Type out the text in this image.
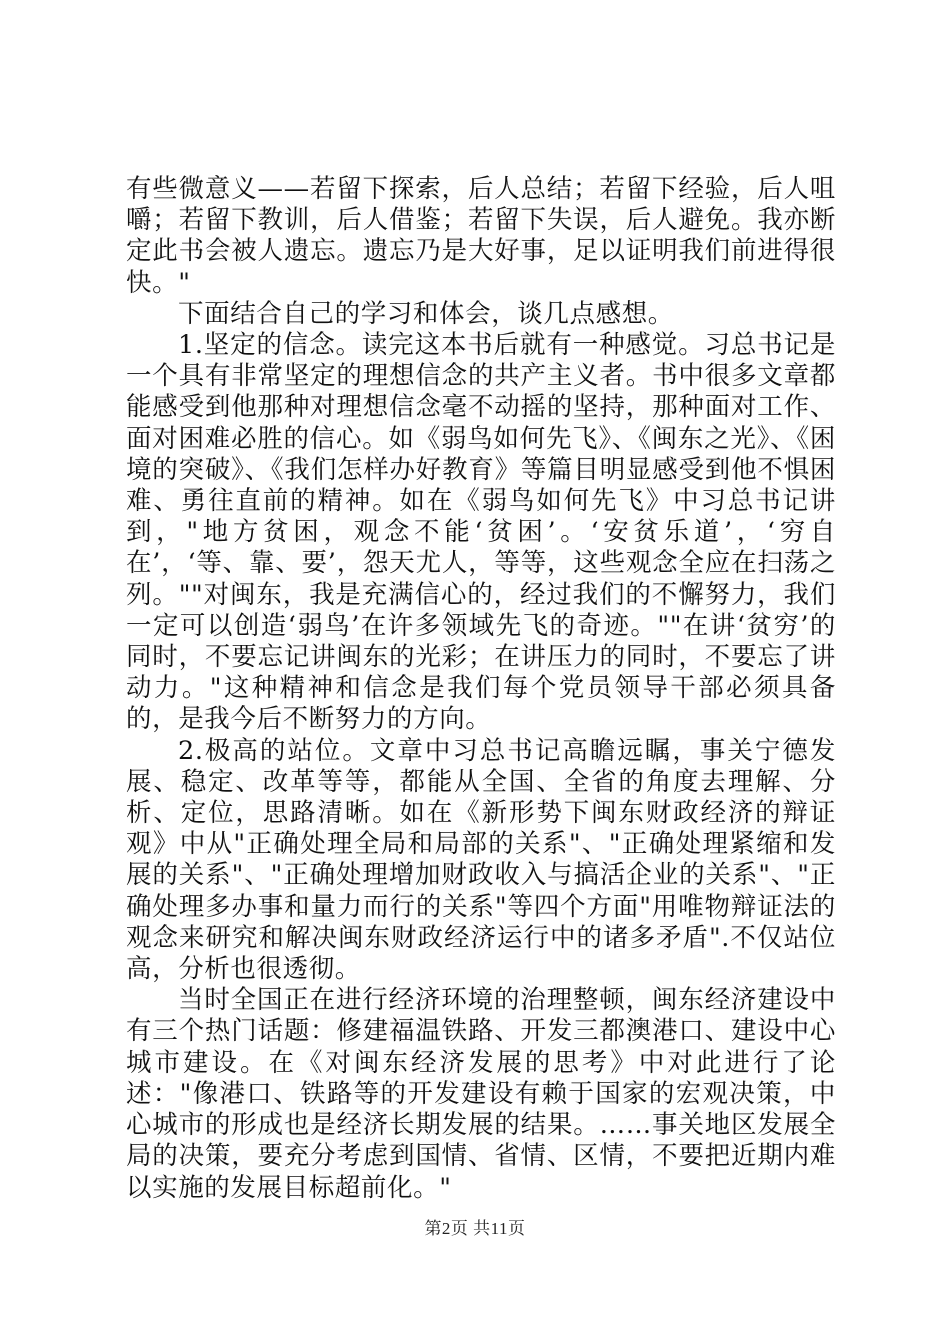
有些微意义——若留下探索，后人总结；若留下经验，后人咀嚼；若留下教训，后人借鉴；若留下失误，后人避免。我亦断定此书会被人遗忘。遗忘乃是大好事，足以证明我们前进得很快。"

下面结合自己的学习和体会，谈几点感想。

1.坚定的信念。读完这本书后就有一种感觉。习总书记是一个具有非常坚定的理想信念的共产主义者。书中很多文章都能感受到他那种对理想信念毫不动摇的坚持，那种面对工作、面对困难必胜的信心。如《弱鸟如何先飞》、《闽东之光》、《困境的突破》、《我们怎样办好教育》等篇目明显感受到他不惧困难、勇往直前的精神。如在《弱鸟如何先飞》中习总书记讲到，"地方贫困，观念不能‘贫困’。‘安贫乐道’，‘穷自在’，‘等、靠、要’，怨天尤人，等等，这些观念全应在扫荡之列。""对闽东，我是充满信心的，经过我们的不懈努力，我们一定可以创造‘弱鸟’在许多领域先飞的奇迹。""在讲‘贫穷’的同时，不要忘记讲闽东的光彩；在讲压力的同时，不要忘了讲动力。"这种精神和信念是我们每个党员领导干部必须具备的，是我今后不断努力的方向。

2.极高的站位。文章中习总书记高瞻远瞩，事关宁德发展、稳定、改革等等，都能从全国、全省的角度去理解、分析、定位，思路清晰。如在《新形势下闽东财政经济的辩证观》中从"正确处理全局和局部的关系"、"正确处理紧缩和发展的关系"、"正确处理增加财政收入与搞活企业的关系"、"正确处理多办事和量力而行的关系"等四个方面"用唯物辩证法的观念来研究和解决闽东财政经济运行中的诸多矛盾".不仅站位高，分析也很透彻。

当时全国正在进行经济环境的治理整顿，闽东经济建设中有三个热门话题：修建福温铁路、开发三都澳港口、建设中心城市建设。在《对闽东经济发展的思考》中对此进行了论述："像港口、铁路等的开发建设有赖于国家的宏观决策，中心城市的形成也是经济长期发展的结果。……事关地区发展全局的决策，要充分考虑到国情、省情、区情，不要把近期内难以实施的发展目标超前化。"

第2页 共11页
